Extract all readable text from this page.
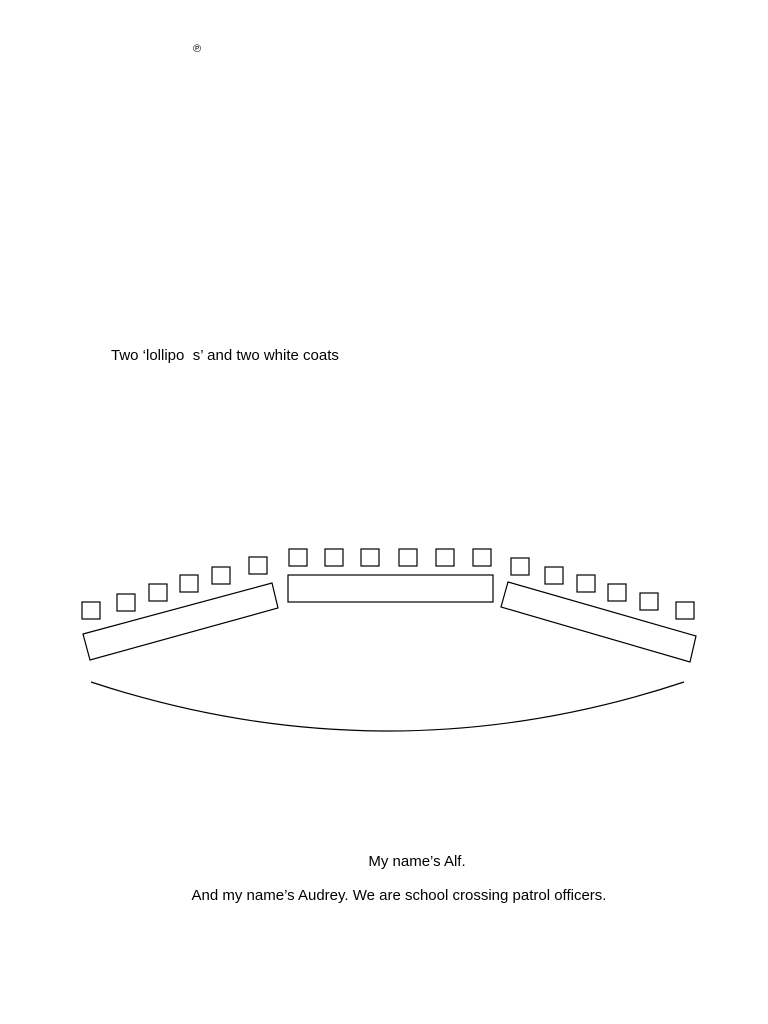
℗
Two ‘lollipo  s’ and two white coats
My name’s Alf.
And my name’s Audrey. We are school crossing patrol officers.
